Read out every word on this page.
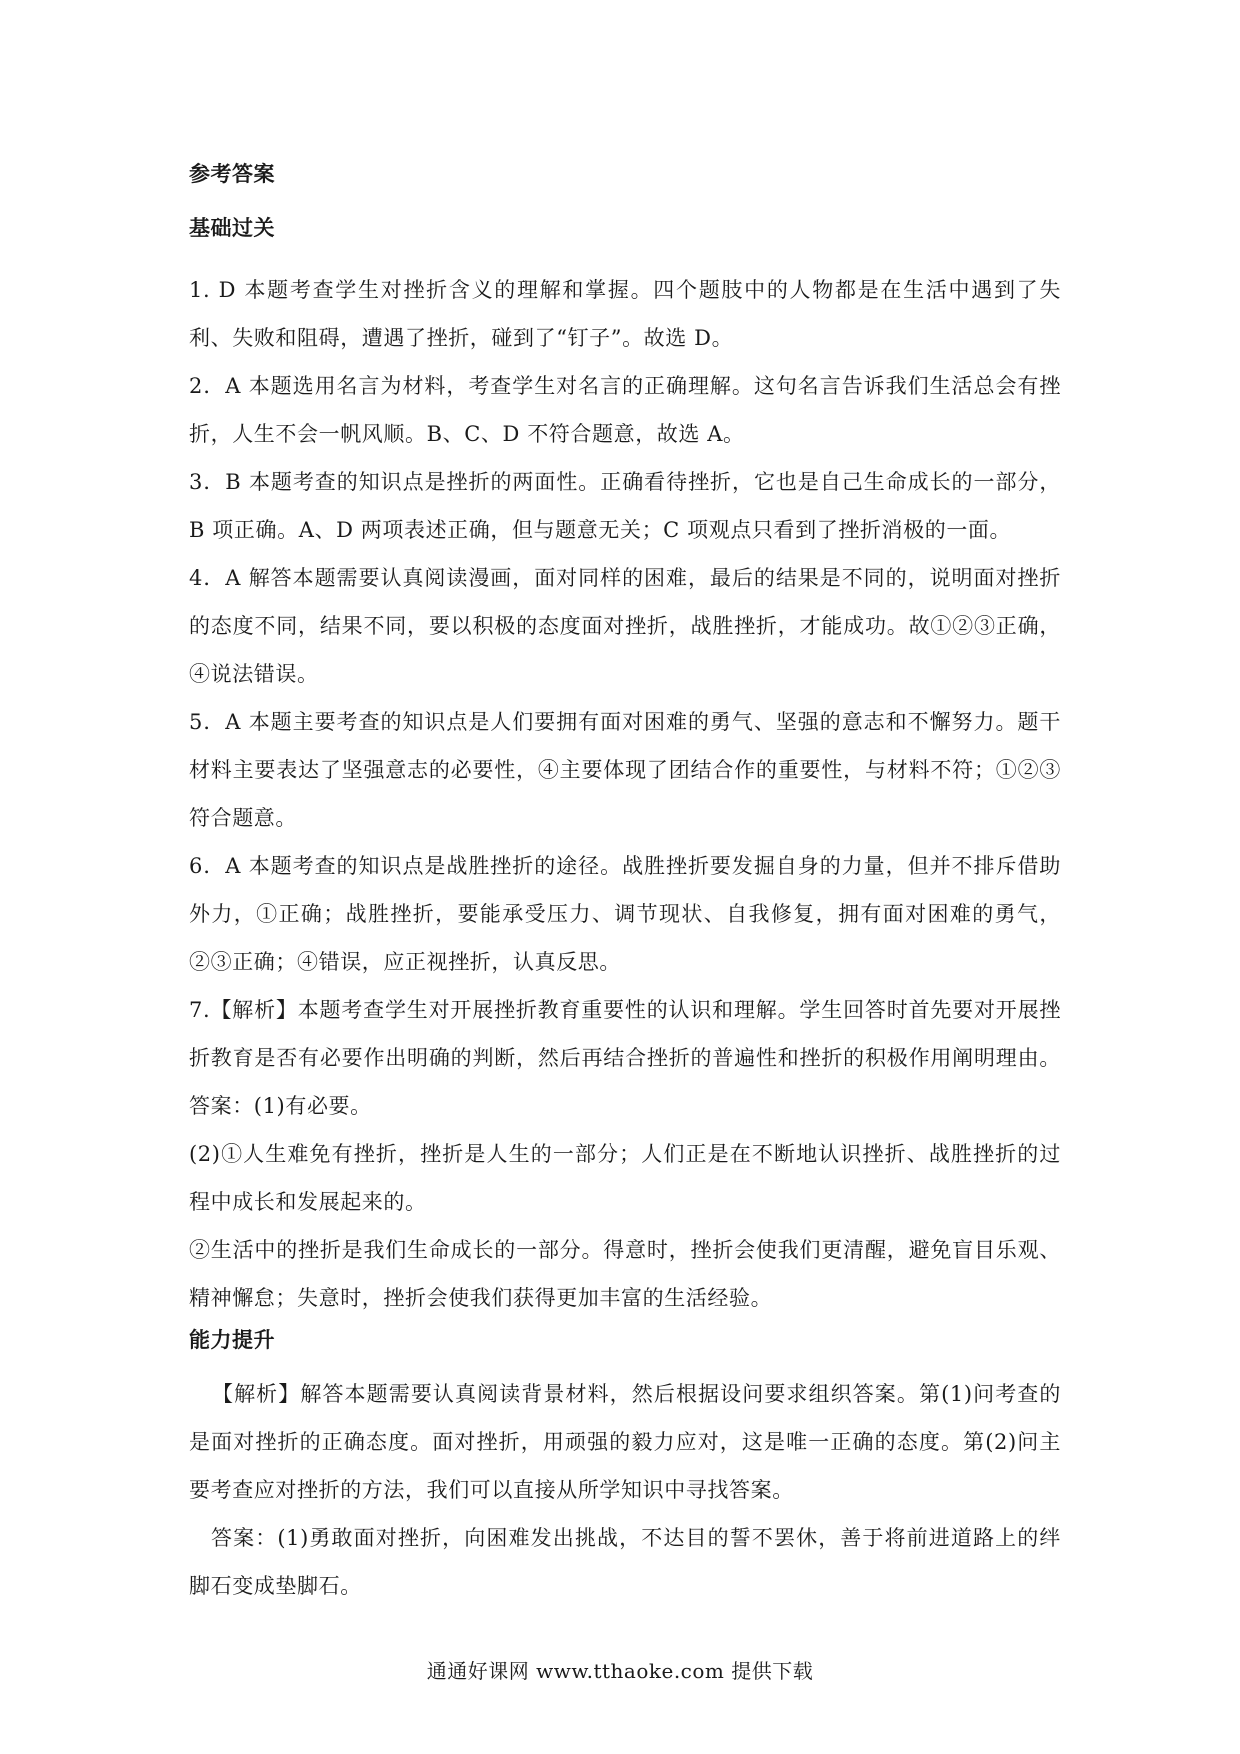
参考答案
基础过关

1. D 本题考查学生对挫折含义的理解和掌握。四个题肢中的人物都是在生活中遇到了失利、失败和阻碍，遭遇了挫折，碰到了“钉子”。故选 D。

2．A 本题选用名言为材料，考查学生对名言的正确理解。这句名言告诉我们生活总会有挫折，人生不会一帆风顺。B、C、D 不符合题意，故选 A。

3．B 本题考查的知识点是挫折的两面性。正确看待挫折，它也是自己生命成长的一部分，B 项正确。A、D 两项表述正确，但与题意无关；C 项观点只看到了挫折消极的一面。

4．A 解答本题需要认真阅读漫画，面对同样的困难，最后的结果是不同的，说明面对挫折的态度不同，结果不同，要以积极的态度面对挫折，战胜挫折，才能成功。故①②③正确，④说法错误。

5．A 本题主要考查的知识点是人们要拥有面对困难的勇气、坚强的意志和不懈努力。题干材料主要表达了坚强意志的必要性，④主要体现了团结合作的重要性，与材料不符；①②③符合题意。

6．A 本题考查的知识点是战胜挫折的途径。战胜挫折要发掘自身的力量，但并不排斥借助外力，①正确；战胜挫折，要能承受压力、调节现状、自我修复，拥有面对困难的勇气，②③正确；④错误，应正视挫折，认真反思。

7.【解析】本题考查学生对开展挫折教育重要性的认识和理解。学生回答时首先要对开展挫折教育是否有必要作出明确的判断，然后再结合挫折的普遍性和挫折的积极作用阐明理由。答案：(1)有必要。

(2)①人生难免有挫折，挫折是人生的一部分；人们正是在不断地认识挫折、战胜挫折的过程中成长和发展起来的。

②生活中的挫折是我们生命成长的一部分。得意时，挫折会使我们更清醒，避免盲目乐观、精神懈怠；失意时，挫折会使我们获得更加丰富的生活经验。

能力提升

【解析】解答本题需要认真阅读背景材料，然后根据设问要求组织答案。第(1)问考查的是面对挫折的正确态度。面对挫折，用顽强的毅力应对，这是唯一正确的态度。第(2)问主要考查应对挫折的方法，我们可以直接从所学知识中寻找答案。

答案：(1)勇敢面对挫折，向困难发出挑战，不达目的誓不罢休，善于将前进道路上的绊脚石变成垫脚石。

通通好课网 www.tthaoke.com 提供下载
